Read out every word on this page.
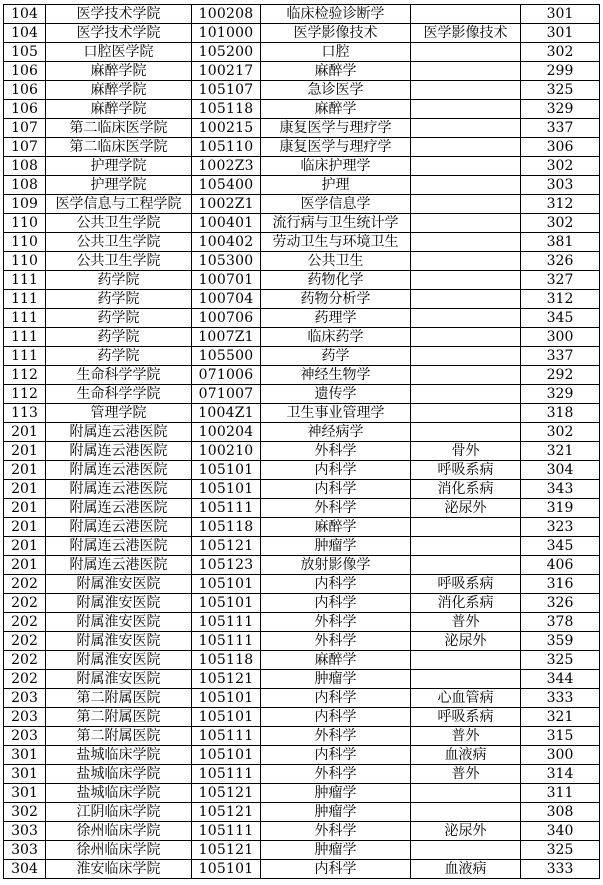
104	医学技术学院	100208	临床检验诊断学		301
104	医学技术学院	101000	医学影像技术	医学影像技术	301
105	口腔医学院	105200	口腔		302
106	麻醉学院	100217	麻醉学		299
106	麻醉学院	105107	急诊医学		325
106	麻醉学院	105118	麻醉学		329
107	第二临床医学院	100215	康复医学与理疗学		337
107	第二临床医学院	105110	康复医学与理疗学		306
108	护理学院	1002Z3	临床护理学		302
108	护理学院	105400	护理		303
109	医学信息与工程学院	1002Z1	医学信息学		312
110	公共卫生学院	100401	流行病与卫生统计学		302
110	公共卫生学院	100402	劳动卫生与环境卫生		381
110	公共卫生学院	105300	公共卫生		326
111	药学院	100701	药物化学		327
111	药学院	100704	药物分析学		312
111	药学院	100706	药理学		345
111	药学院	1007Z1	临床药学		300
111	药学院	105500	药学		337
112	生命科学学院	071006	神经生物学		292
112	生命科学学院	071007	遗传学		329
113	管理学院	1004Z1	卫生事业管理学		318
201	附属连云港医院	100204	神经病学		302
201	附属连云港医院	100210	外科学	骨外	321
201	附属连云港医院	105101	内科学	呼吸系病	304
201	附属连云港医院	105101	内科学	消化系病	343
201	附属连云港医院	105111	外科学	泌尿外	319
201	附属连云港医院	105118	麻醉学		323
201	附属连云港医院	105121	肿瘤学		345
201	附属连云港医院	105123	放射影像学		406
202	附属淮安医院	105101	内科学	呼吸系病	316
202	附属淮安医院	105101	内科学	消化系病	326
202	附属淮安医院	105111	外科学	普外	378
202	附属淮安医院	105111	外科学	泌尿外	359
202	附属淮安医院	105118	麻醉学		325
202	附属淮安医院	105121	肿瘤学		344
203	第二附属医院	105101	内科学	心血管病	333
203	第二附属医院	105101	内科学	呼吸系病	321
203	第二附属医院	105111	外科学	普外	315
301	盐城临床学院	105101	内科学	血液病	300
301	盐城临床学院	105111	外科学	普外	314
301	盐城临床学院	105121	肿瘤学		311
302	江阴临床学院	105121	肿瘤学		308
303	徐州临床学院	105111	外科学	泌尿外	340
303	徐州临床学院	105121	肿瘤学		325
304	淮安临床学院	105101	内科学	血液病	333
